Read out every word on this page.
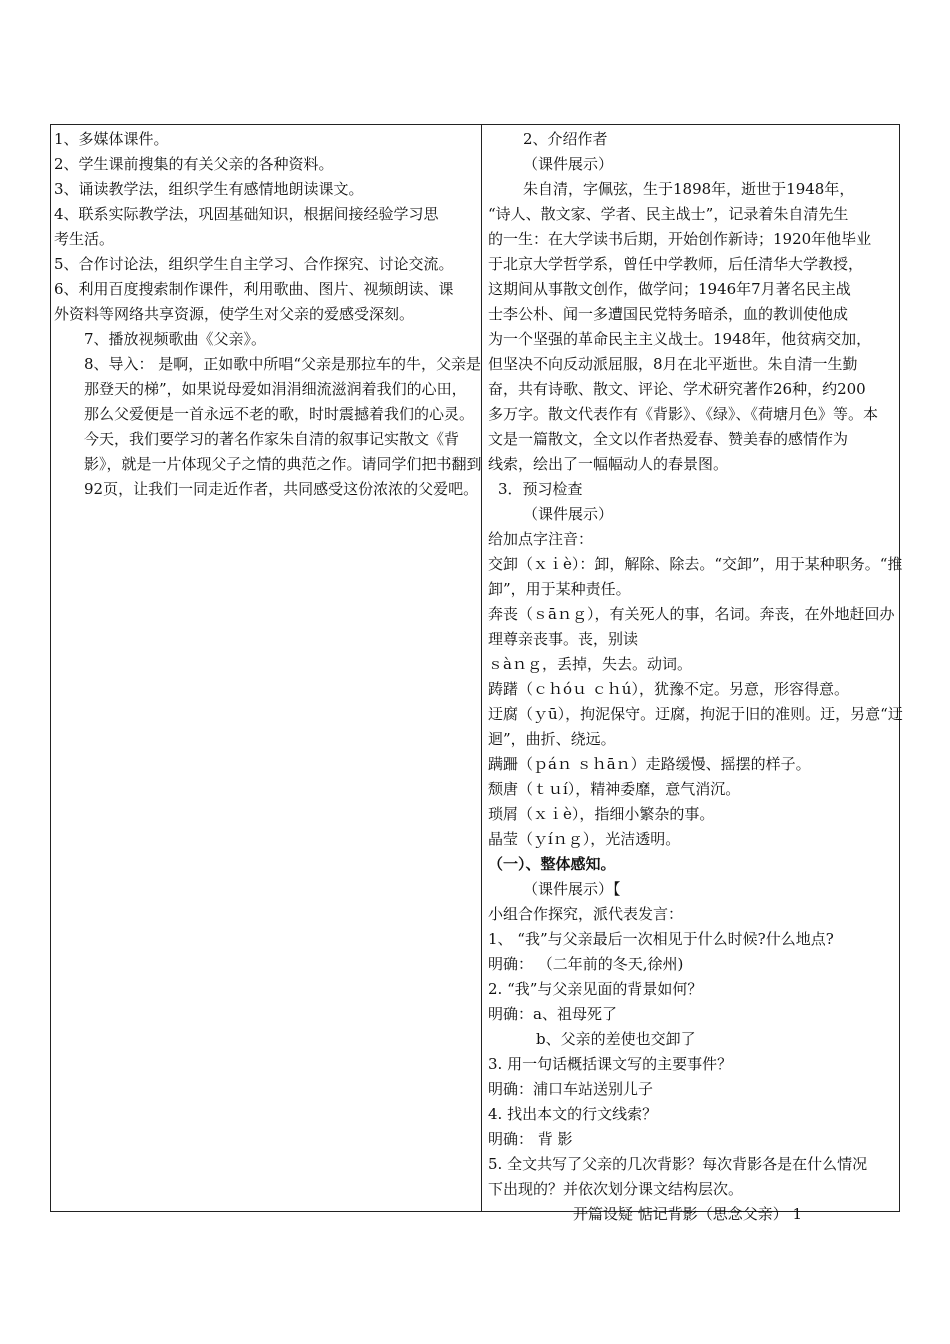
1、多媒体课件。
2、学生课前搜集的有关父亲的各种资料。
3、诵读教学法，组织学生有感情地朗读课文。
4、联系实际教学法，巩固基础知识，根据间接经验学习思
考生活。
5、合作讨论法，组织学生自主学习、合作探究、讨论交流。
6、利用百度搜索制作课件，利用歌曲、图片、视频朗读、课
外资料等网络共享资源，使学生对父亲的爱感受深刻。
7、播放视频歌曲《父亲》。
8、导入： 是啊，正如歌中所唱“父亲是那拉车的牛，父亲是
那登天的梯”，如果说母爱如涓涓细流滋润着我们的心田，
那么父爱便是一首永远不老的歌，时时震撼着我们的心灵。
今天，我们要学习的著名作家朱自清的叙事记实散文《背
影》，就是一片体现父子之情的典范之作。请同学们把书翻到
92页，让我们一同走近作者，共同感受这份浓浓的父爱吧。
2、介绍作者
（课件展示）
朱自清，字佩弦，生于1898年，逝世于1948年，
“诗人、散文家、学者、民主战士”，记录着朱自清先生
的一生：在大学读书后期，开始创作新诗；1920年他毕业
于北京大学哲学系，曾任中学教师，后任清华大学教授，
这期间从事散文创作，做学问；1946年7月著名民主战
士李公朴、闻一多遭国民党特务暗杀，血的教训使他成
为一个坚强的革命民主主义战士。1948年，他贫病交加，
但坚决不向反动派屈服，8月在北平逝世。朱自清一生勤
奋，共有诗歌、散文、评论、学术研究著作26种，约200
多万字。散文代表作有《背影》、《绿》、《荷塘月色》等。本
文是一篇散文，全文以作者热爱春、赞美春的感情作为
线索，绘出了一幅幅动人的春景图。
3．预习检查
（课件展示）
给加点字注音：
交卸（ｘｉè）：卸，解除、除去。“交卸”，用于某种职务。“推
卸”，用于某种责任。
奔丧（ｓāｎｇ），有关死人的事，名词。奔丧，在外地赶回办
理尊亲丧事。丧，别读
ｓàｎｇ，丢掉，失去。动词。
踌躇（ｃｈóｕ ｃｈú），犹豫不定。另意，形容得意。
迂腐（ｙū），拘泥保守。迂腐，拘泥于旧的准则。迂，另意“迂
迴”，曲折、绕远。
蹒跚（ｐáｎ ｓｈāｎ）走路缓慢、摇摆的样子。
颓唐（ｔｕí），精神委靡，意气消沉。
琐屑（ｘｉè），指细小繁杂的事。
晶莹（ｙíｎｇ），光洁透明。
（一）、整体感知。
（课件展示）【
小组合作探究，派代表发言：
1、 “我”与父亲最后一次相见于什么时候?什么地点?
明确： （二年前的冬天,徐州)
2. “我”与父亲见面的背景如何？
明确：a、祖母死了
b、父亲的差使也交卸了
3. 用一句话概括课文写的主要事件？
明确：浦口车站送别儿子
4. 找出本文的行文线索？
明确： 背 影
5. 全文共写了父亲的几次背影？每次背影各是在什么情况
下出现的？并依次划分课文结构层次。
开篇设疑 惦记背影（思念父亲） 1
